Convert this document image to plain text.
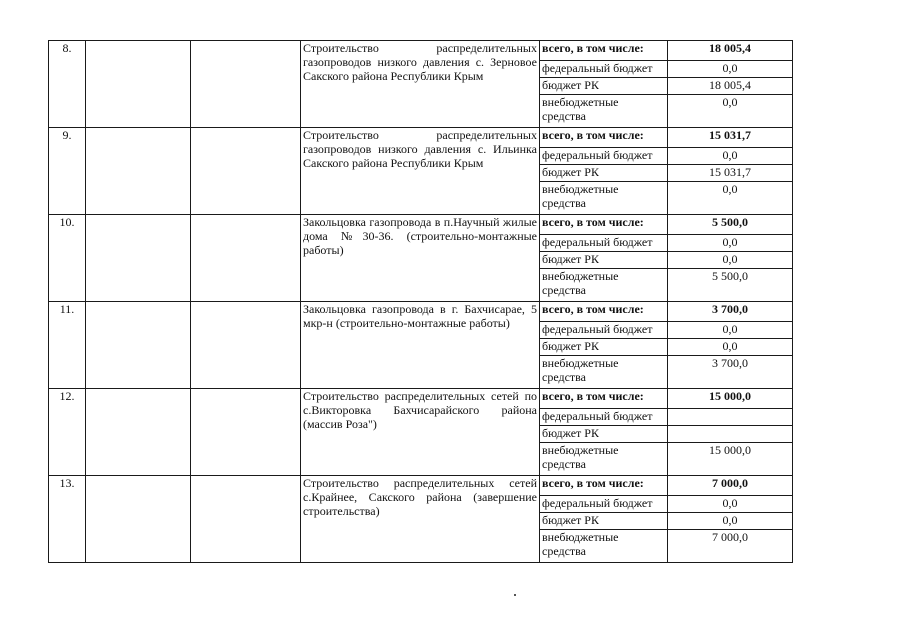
8.			Строительство распределительных газопроводов низкого давления с. Зерновое Сакского района Республики Крым	всего, в том числе:	18 005,4
				федеральный бюджет	0,0
				бюджет РК	18 005,4
				внебюджетные средства	0,0
9.			Строительство распределительных газопроводов низкого давления с. Ильинка Сакского района Республики Крым	всего, в том числе:	15 031,7
				федеральный бюджет	0,0
				бюджет РК	15 031,7
				внебюджетные средства	0,0
10.			Закольцовка газопровода в п.Научный жилые дома №30-36. (строительно-монтажные работы)	всего, в том числе:	5 500,0
				федеральный бюджет	0,0
				бюджет РК	0,0
				внебюджетные средства	5 500,0
11.			Закольцовка газопровода в г. Бахчисарае, 5 мкр-н (строительно-монтажные работы)	всего, в том числе:	3 700,0
				федеральный бюджет	0,0
				бюджет РК	0,0
				внебюджетные средства	3 700,0
12.			Строительство распределительных сетей по с.Викторовка Бахчисарайского района (массив Роза")	всего, в том числе:	15 000,0
				федеральный бюджет	
				бюджет РК	
				внебюджетные средства	15 000,0
13.			Строительство распределительных сетей с.Крайнее, Сакского района (завершение строительства)	всего, в том числе:	7 000,0
				федеральный бюджет	0,0
				бюджет РК	0,0
				внебюджетные средства	7 000,0
